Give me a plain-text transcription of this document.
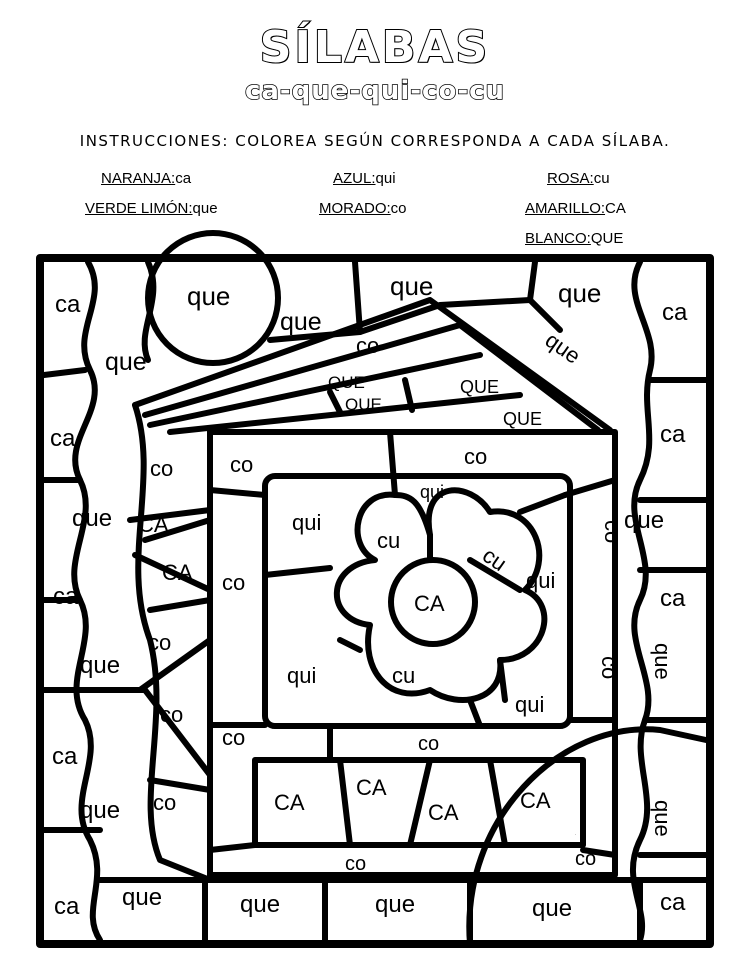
SÍLABAS
ca-que-qui-co-cu
INSTRUCCIONES: COLOREA SEGÚN CORRESPONDA A CADA SÍLABA.
NARANJA:ca	AZUL:qui	ROSA:cu
VERDE LIMÓN:que	MORADO:co	AMARILLO:CA
BLANCO:QUE
ca	que
que
que	que
ca
que
co	que
QUE	QUE
QUE
QUE
ca	ca
co	co	co
qui
que CA	qui
cu	co que
CA	cu
co
CA
qui
ca	ca
co
que
co
qui	cu
co
que
co
qui
ca	co
co
que
co
CA
CA
CA	CA	que
co
co
ca que	que	que	que	ca
